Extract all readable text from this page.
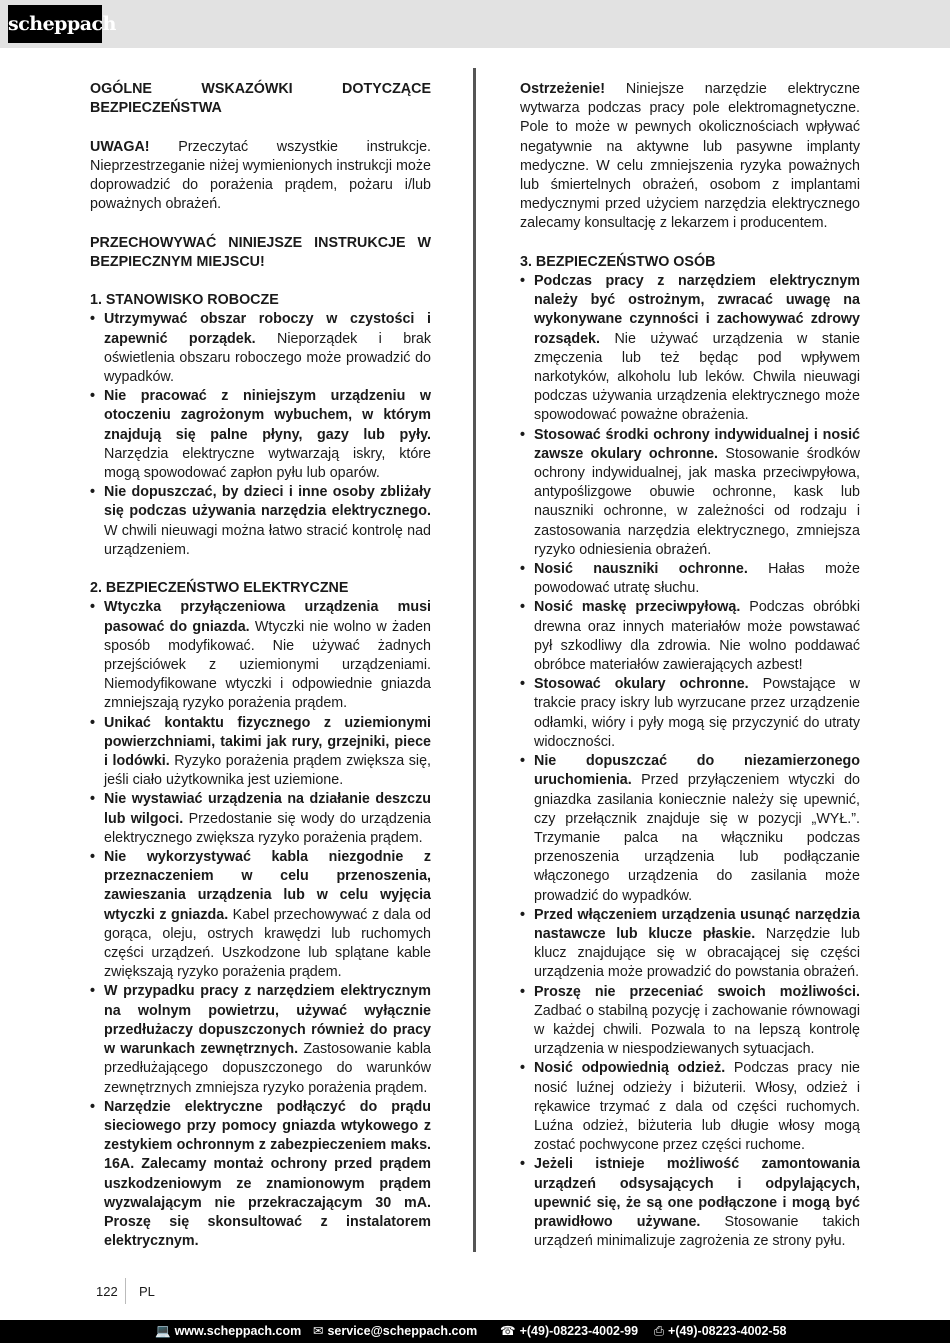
scheppach

OGÓLNE WSKAZÓWKI DOTYCZĄCE BEZPIECZEŃSTWA

UWAGA! Przeczytać wszystkie instrukcje. Nieprzestrzeganie niżej wymienionych instrukcji może doprowadzić do porażenia prądem, pożaru i/lub poważnych obrażeń.

PRZECHOWYWAĆ NINIEJSZE INSTRUKCJE W BEZPIECZNYM MIEJSCU!

1. STANOWISKO ROBOCZE

• Utrzymywać obszar roboczy w czystości i zapewnić porządek. Nieporządek i brak oświetlenia obszaru roboczego może prowadzić do wypadków.
• Nie pracować z niniejszym urządzeniu w otoczeniu zagrożonym wybuchem, w którym znajdują się palne płyny, gazy lub pyły. Narzędzia elektryczne wytwarzają iskry, które mogą spowodować zapłon pyłu lub oparów.
• Nie dopuszczać, by dzieci i inne osoby zbliżały się podczas używania narzędzia elektrycznego. W chwili nieuwagi można łatwo stracić kontrolę nad urządzeniem.

2. BEZPIECZEŃSTWO ELEKTRYCZNE

• Wtyczka przyłączeniowa urządzenia musi pasować do gniazda. Wtyczki nie wolno w żaden sposób modyfikować. Nie używać żadnych przejściówek z uziemionymi urządzeniami. Niemodyfikowane wtyczki i odpowiednie gniazda zmniejszają ryzyko porażenia prądem.
• Unikać kontaktu fizycznego z uziemionymi powierzchniami, takimi jak rury, grzejniki, piece i lodówki. Ryzyko porażenia prądem zwiększa się, jeśli ciało użytkownika jest uziemione.
• Nie wystawiać urządzenia na działanie deszczu lub wilgoci. Przedostanie się wody do urządzenia elektrycznego zwiększa ryzyko porażenia prądem.
• Nie wykorzystywać kabla niezgodnie z przeznaczeniem w celu przenoszenia, zawieszania urządzenia lub w celu wyjęcia wtyczki z gniazda. Kabel przechowywać z dala od gorąca, oleju, ostrych krawędzi lub ruchomych części urządzeń. Uszkodzone lub splątane kable zwiększają ryzyko porażenia prądem.
• W przypadku pracy z narzędziem elektrycznym na wolnym powietrzu, używać wyłącznie przedłużaczy dopuszczonych również do pracy w warunkach zewnętrznych. Zastosowanie kabla przedłużającego dopuszczonego do warunków zewnętrznych zmniejsza ryzyko porażenia prądem.
• Narzędzie elektryczne podłączyć do prądu sieciowego przy pomocy gniazda wtykowego z zestykiem ochronnym z zabezpieczeniem maks. 16A. Zalecamy montaż ochrony przed prądem uszkodzeniowym ze znamionowym prądem wyzwalającym nie przekraczającym 30 mA. Proszę się skonsultować z instalatorem elektrycznym.

Ostrzeżenie! Niniejsze narzędzie elektryczne wytwarza podczas pracy pole elektromagnetyczne. Pole to może w pewnych okolicznościach wpływać negatywnie na aktywne lub pasywne implanty medyczne. W celu zmniejszenia ryzyka poważnych lub śmiertelnych obrażeń, osobom z implantami medycznymi przed użyciem narzędzia elektrycznego zalecamy konsultację z lekarzem i producentem.

3. BEZPIECZEŃSTWO OSÓB

• Podczas pracy z narzędziem elektrycznym należy być ostrożnym, zwracać uwagę na wykonywane czynności i zachowywać zdrowy rozsądek. Nie używać urządzenia w stanie zmęczenia lub też będąc pod wpływem narkotyków, alkoholu lub leków. Chwila nieuwagi podczas używania urządzenia elektrycznego może spowodować poważne obrażenia.
• Stosować środki ochrony indywidualnej i nosić zawsze okulary ochronne. Stosowanie środków ochrony indywidualnej, jak maska przeciwpyłowa, antypoślizgowe obuwie ochronne, kask lub nauszniki ochronne, w zależności od rodzaju i zastosowania narzędzia elektrycznego, zmniejsza ryzyko odniesienia obrażeń.
• Nosić nauszniki ochronne. Hałas może powodować utratę słuchu.
• Nosić maskę przeciwpyłową. Podczas obróbki drewna oraz innych materiałów może powstawać pył szkodliwy dla zdrowia. Nie wolno poddawać obróbce materiałów zawierających azbest!
• Stosować okulary ochronne. Powstające w trakcie pracy iskry lub wyrzucane przez urządzenie odłamki, wióry i pyły mogą się przyczynić do utraty widoczności.
• Nie dopuszczać do niezamierzonego uruchomienia. Przed przyłączeniem wtyczki do gniazdka zasilania koniecznie należy się upewnić, czy przełącznik znajduje się w pozycji „WYŁ.”. Trzymanie palca na włączniku podczas przenoszenia urządzenia lub podłączanie włączonego urządzenia do zasilania może prowadzić do wypadków.
• Przed włączeniem urządzenia usunąć narzędzia nastawcze lub klucze płaskie. Narzędzie lub klucz znajdujące się w obracającej się części urządzenia może prowadzić do powstania obrażeń.
• Proszę nie przeceniać swoich możliwości. Zadbać o stabilną pozycję i zachowanie równowagi w każdej chwili. Pozwala to na lepszą kontrolę urządzenia w niespodziewanych sytuacjach.
• Nosić odpowiednią odzież. Podczas pracy nie nosić luźnej odzieży i biżuterii. Włosy, odzież i rękawice trzymać z dala od części ruchomych. Luźna odzież, biżuteria lub długie włosy mogą zostać pochwycone przez części ruchome.
• Jeżeli istnieje możliwość zamontowania urządzeń odsysających i odpylających, upewnić się, że są one podłączone i mogą być prawidłowo używane. Stosowanie takich urządzeń minimalizuje zagrożenia ze strony pyłu.
122 PL
💻 www.scheppach.com ✉ service@scheppach.com ☎ +(49)-08223-4002-99 ⎙ +(49)-08223-4002-58
